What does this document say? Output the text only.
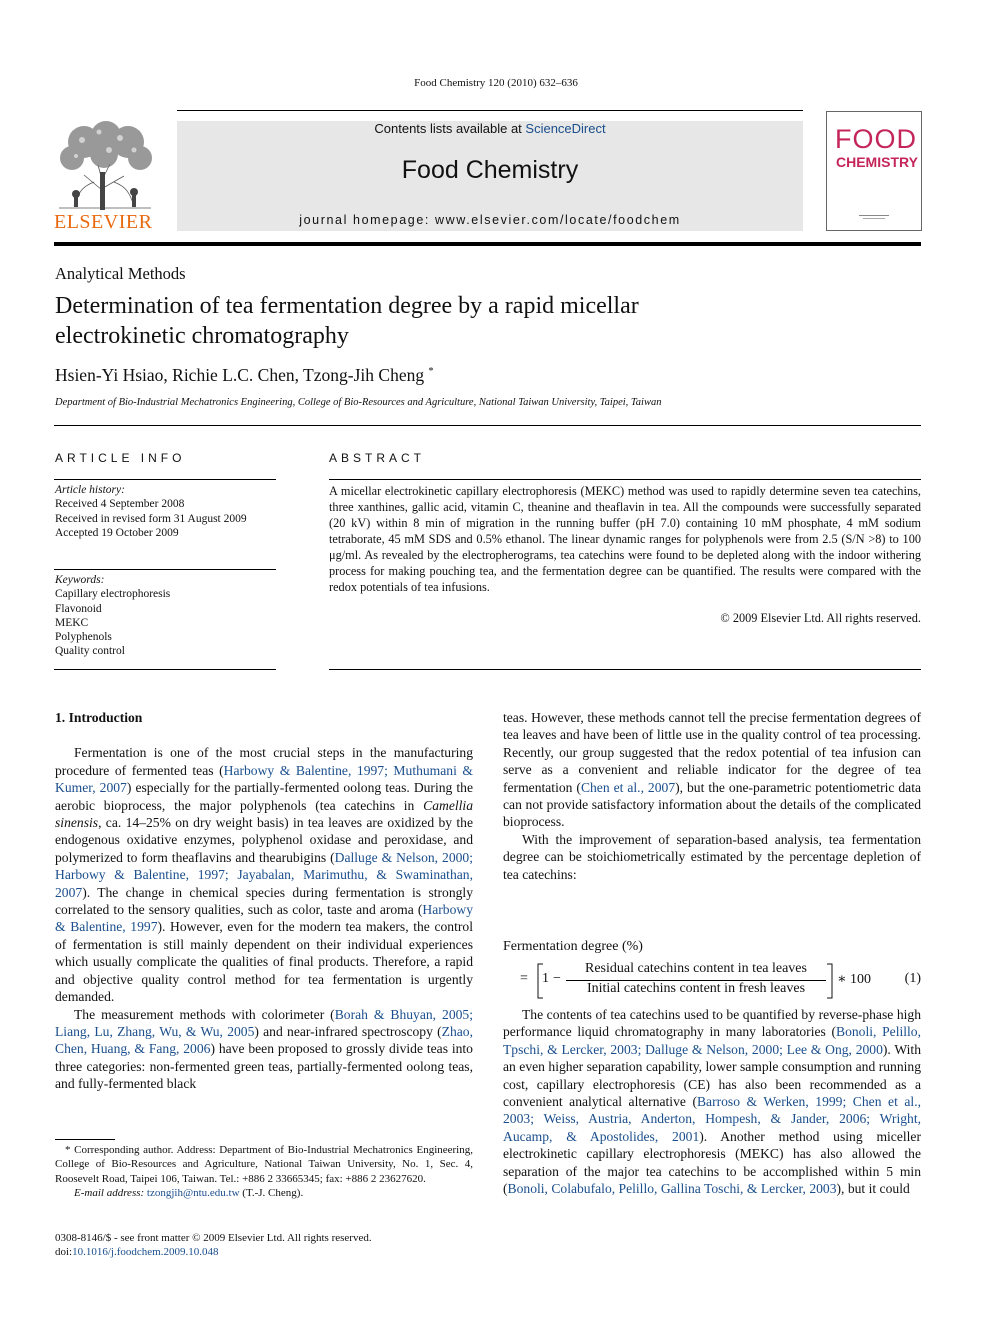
Food Chemistry 120 (2010) 632–636
ELSEVIER
Contents lists available at ScienceDirect
Food Chemistry
journal homepage: www.elsevier.com/locate/foodchem
FOOD
CHEMISTRY
Analytical Methods
Determination of tea fermentation degree by a rapid micellar
electrokinetic chromatography
Hsien-Yi Hsiao, Richie L.C. Chen, Tzong-Jih Cheng *
Department of Bio-Industrial Mechatronics Engineering, College of Bio-Resources and Agriculture, National Taiwan University, Taipei, Taiwan
ARTICLE INFO
Article history:
Received 4 September 2008
Received in revised form 31 August 2009
Accepted 19 October 2009
Keywords:
Capillary electrophoresis
Flavonoid
MEKC
Polyphenols
Quality control
ABSTRACT
A micellar electrokinetic capillary electrophoresis (MEKC) method was used to rapidly determine seven tea catechins, three xanthines, gallic acid, vitamin C, theanine and theaflavin in tea. All the compounds were successfully separated (20 kV) within 8 min of migration in the running buffer (pH 7.0) containing 10 mM phosphate, 4 mM sodium tetraborate, 45 mM SDS and 0.5% ethanol. The linear dynamic ranges for polyphenols were from 2.5 (S/N >8) to 100 μg/ml. As revealed by the electropherograms, tea catechins were found to be depleted along with the indoor withering process for making pouching tea, and the fermentation degree can be quantified. The results were compared with the redox potentials of tea infusions.
© 2009 Elsevier Ltd. All rights reserved.
1. Introduction

Fermentation is one of the most crucial steps in the manufacturing procedure of fermented teas (Harbowy & Balentine, 1997; Muthumani & Kumer, 2007) especially for the partially-fermented oolong teas. During the aerobic bioprocess, the major polyphenols (tea catechins in Camellia sinensis, ca. 14–25% on dry weight basis) in tea leaves are oxidized by the endogenous oxidative enzymes, polyphenol oxidase and peroxidase, and polymerized to form theaflavins and thearubigins (Dalluge & Nelson, 2000; Harbowy & Balentine, 1997; Jayabalan, Marimuthu, & Swaminathan, 2007). The change in chemical species during fermentation is strongly correlated to the sensory qualities, such as color, taste and aroma (Harbowy & Balentine, 1997). However, even for the modern tea makers, the control of fermentation is still mainly dependent on their individual experiences which usually complicate the qualities of final products. Therefore, a rapid and objective quality control method for tea fermentation is urgently demanded.

The measurement methods with colorimeter (Borah & Bhuyan, 2005; Liang, Lu, Zhang, Wu, & Wu, 2005) and near-infrared spectroscopy (Zhao, Chen, Huang, & Fang, 2006) have been proposed to grossly divide teas into three categories: non-fermented green teas, partially-fermented oolong teas, and fully-fermented black

* Corresponding author. Address: Department of Bio-Industrial Mechatronics Engineering, College of Bio-Resources and Agriculture, National Taiwan University, No. 1, Sec. 4, Roosevelt Road, Taipei 106, Taiwan. Tel.: +886 2 33665345; fax: +886 2 23627620.
E-mail address: tzongjih@ntu.edu.tw (T.-J. Cheng).
0308-8146/$ - see front matter © 2009 Elsevier Ltd. All rights reserved.
doi:10.1016/j.foodchem.2009.10.048

teas. However, these methods cannot tell the precise fermentation degrees of tea leaves and have been of little use in the quality control of tea processing. Recently, our group suggested that the redox potential of tea infusion can serve as a convenient and reliable indicator for the degree of tea fermentation (Chen et al., 2007), but the one-parametric potentiometric data can not provide satisfactory information about the details of the complicated bioprocess.

With the improvement of separation-based analysis, tea fermentation degree can be stoichiometrically estimated by the percentage depletion of tea catechins:

Fermentation degree (%)
= 1 −
Residual catechins content in tea leaves
Initial catechins content in fresh leaves
∗ 100	(1)

The contents of tea catechins used to be quantified by reverse-phase high performance liquid chromatography in many laboratories (Bonoli, Pelillo, Tpschi, & Lercker, 2003; Dalluge & Nelson, 2000; Lee & Ong, 2000). With an even higher separation capability, lower sample consumption and running cost, capillary electrophoresis (CE) has also been recommended as a convenient analytical alternative (Barroso & Werken, 1999; Chen et al., 2003; Weiss, Austria, Anderton, Hompesh, & Jander, 2006; Wright, Aucamp, & Apostolides, 2001). Another method using miceller electrokinetic capillary electrophoresis (MEKC) has also allowed the separation of the major tea catechins to be accomplished within 5 min (Bonoli, Colabufalo, Pelillo, Gallina Toschi, & Lercker, 2003), but it could
